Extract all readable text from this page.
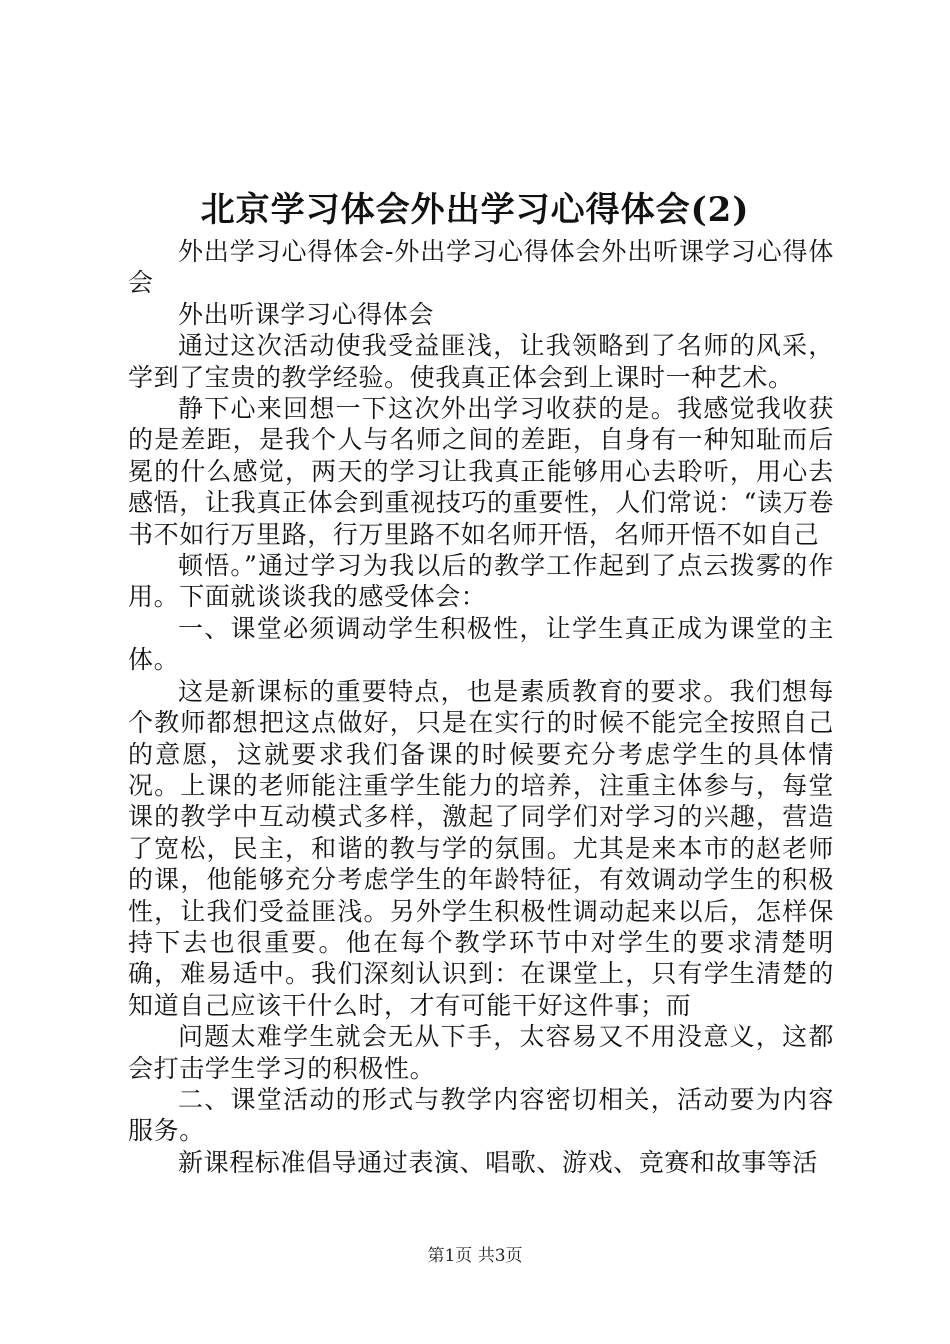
北京学习体会外出学习心得体会(2)

外出学习心得体会-外出学习心得体会外出听课学习心得体会

外出听课学习心得体会

通过这次活动使我受益匪浅，让我领略到了名师的风采，学到了宝贵的教学经验。使我真正体会到上课时一种艺术。

静下心来回想一下这次外出学习收获的是。我感觉我收获的是差距，是我个人与名师之间的差距，自身有一种知耻而后冕的什么感觉，两天的学习让我真正能够用心去聆听，用心去感悟，让我真正体会到重视技巧的重要性，人们常说：“读万卷书不如行万里路，行万里路不如名师开悟，名师开悟不如自己

顿悟。”通过学习为我以后的教学工作起到了点云拨雾的作用。下面就谈谈我的感受体会：

一、课堂必须调动学生积极性，让学生真正成为课堂的主体。

这是新课标的重要特点，也是素质教育的要求。我们想每个教师都想把这点做好，只是在实行的时候不能完全按照自己的意愿，这就要求我们备课的时候要充分考虑学生的具体情况。上课的老师能注重学生能力的培养，注重主体参与，每堂课的教学中互动模式多样，激起了同学们对学习的兴趣，营造了宽松，民主，和谐的教与学的氛围。尤其是来本市的赵老师的课，他能够充分考虑学生的年龄特征，有效调动学生的积极性，让我们受益匪浅。另外学生积极性调动起来以后，怎样保持下去也很重要。他在每个教学环节中对学生的要求清楚明确，难易适中。我们深刻认识到：在课堂上，只有学生清楚的知道自己应该干什么时，才有可能干好这件事；而

问题太难学生就会无从下手，太容易又不用没意义，这都会打击学生学习的积极性。

二、课堂活动的形式与教学内容密切相关，活动要为内容服务。

新课程标准倡导通过表演、唱歌、游戏、竞赛和故事等活

第1页 共3页
